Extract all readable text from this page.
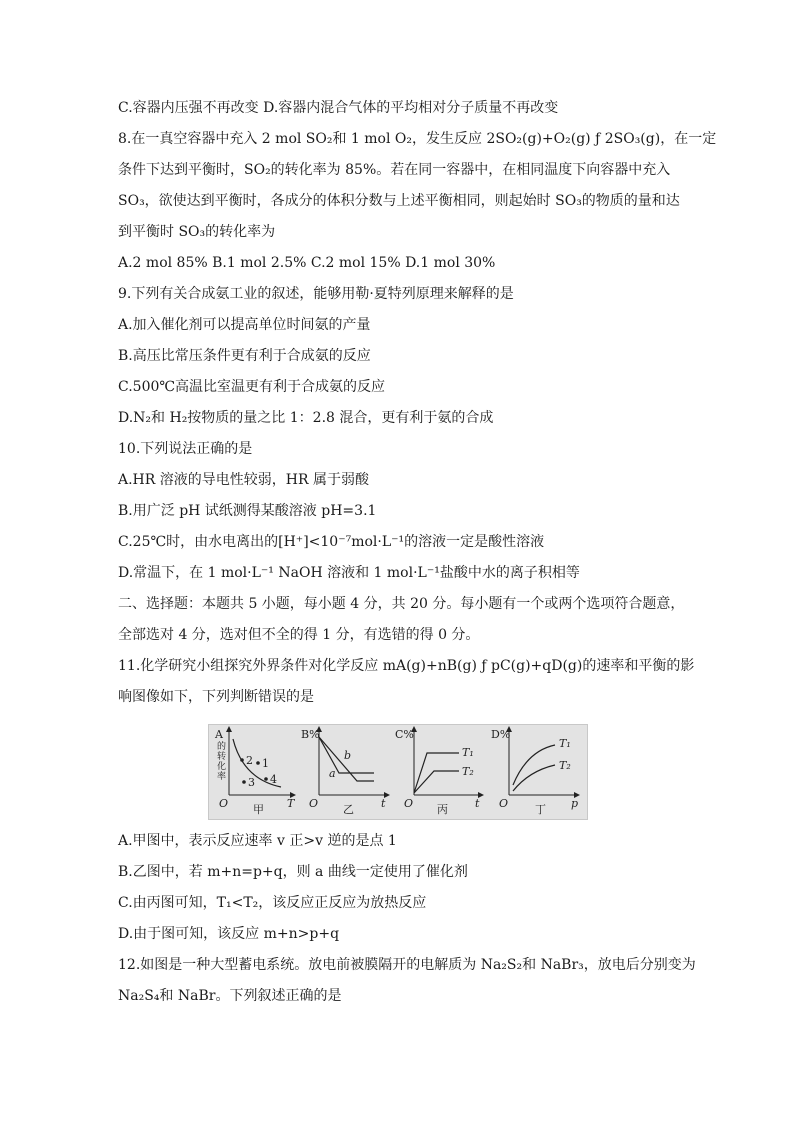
C.容器内压强不再改变 D.容器内混合气体的平均相对分子质量不再改变
8.在一真空容器中充入 2 mol SO₂和 1 mol O₂，发生反应 2SO₂(g)+O₂(g) ƒ 2SO₃(g)，在一定
条件下达到平衡时，SO₂的转化率为 85%。若在同一容器中，在相同温度下向容器中充入
SO₃，欲使达到平衡时，各成分的体积分数与上述平衡相同，则起始时 SO₃的物质的量和达
到平衡时 SO₃的转化率为
A.2 mol 85% B.1 mol 2.5% C.2 mol 15% D.1 mol 30%
9.下列有关合成氨工业的叙述，能够用勒·夏特列原理来解释的是
A.加入催化剂可以提高单位时间氨的产量
B.高压比常压条件更有利于合成氨的反应
C.500℃高温比室温更有利于合成氨的反应
D.N₂和 H₂按物质的量之比 1：2.8 混合，更有利于氨的合成
10.下列说法正确的是
A.HR 溶液的导电性较弱，HR 属于弱酸
B.用广泛 pH 试纸测得某酸溶液 pH=3.1
C.25℃时，由水电离出的[H⁺]<10⁻⁷mol·L⁻¹的溶液一定是酸性溶液
D.常温下，在 1 mol·L⁻¹ NaOH 溶液和 1 mol·L⁻¹盐酸中水的离子积相等
二、选择题：本题共 5 小题，每小题 4 分，共 20 分。每小题有一个或两个选项符合题意，
全部选对 4 分，选对但不全的得 1 分，有选错的得 0 分。
11.化学研究小组探究外界条件对化学反应 mA(g)+nB(g) ƒ pC(g)+qD(g)的速率和平衡的影
响图像如下，下列判断错误的是
A
的
转
化
率
2 1
3 4
O	T
甲
B%
b
a
O	t
乙
C%
T₁
T₂
O	t
丙
D%
T₁
T₂
O	p
丁
A.甲图中，表示反应速率 v 正>v 逆的是点 1
B.乙图中，若 m+n=p+q，则 a 曲线一定使用了催化剂
C.由丙图可知，T₁<T₂，该反应正反应为放热反应
D.由于图可知，该反应 m+n>p+q
12.如图是一种大型蓄电系统。放电前被膜隔开的电解质为 Na₂S₂和 NaBr₃，放电后分别变为
Na₂S₄和 NaBr。下列叙述正确的是
